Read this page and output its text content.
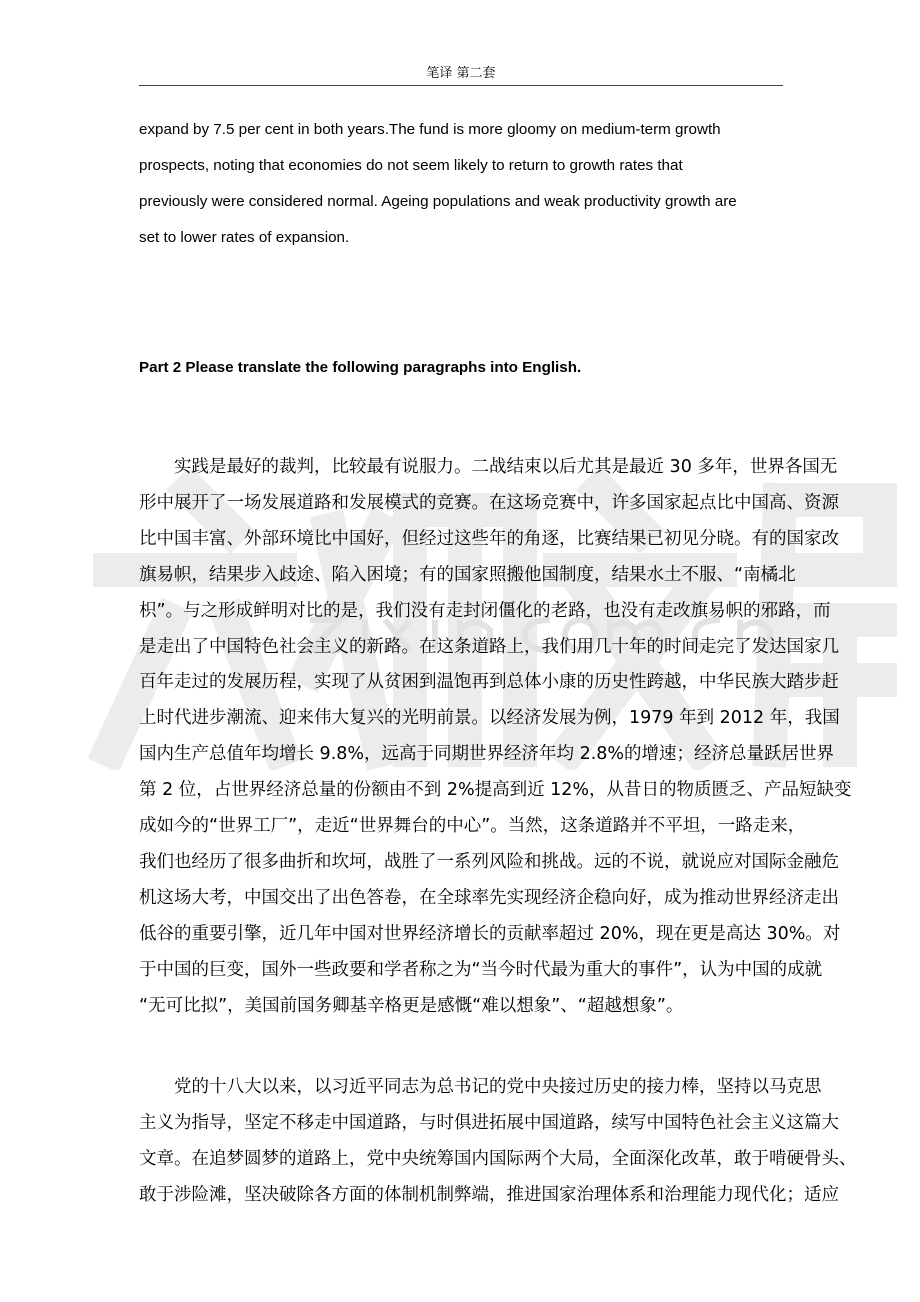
笔译 第二套
expand by 7.5 per cent in both years.The fund is more gloomy on medium-term growth
prospects, noting that economies do not seem likely to return to growth rates that
previously were considered normal. Ageing populations and weak productivity growth are
set to lower rates of expansion.
Part 2 Please translate the following paragraphs into English.
　　实践是最好的裁判，比较最有说服力。二战结束以后尤其是最近 30 多年，世界各国无
形中展开了一场发展道路和发展模式的竞赛。在这场竞赛中，许多国家起点比中国高、资源
比中国丰富、外部环境比中国好，但经过这些年的角逐，比赛结果已初见分晓。有的国家改
旗易帜，结果步入歧途、陷入困境；有的国家照搬他国制度，结果水土不服、“南橘北
枳”。与之形成鲜明对比的是，我们没有走封闭僵化的老路，也没有走改旗易帜的邪路，而
是走出了中国特色社会主义的新路。在这条道路上，我们用几十年的时间走完了发达国家几
百年走过的发展历程，实现了从贫困到温饱再到总体小康的历史性跨越，中华民族大踏步赶
上时代进步潮流、迎来伟大复兴的光明前景。以经济发展为例，1979 年到 2012 年，我国
国内生产总值年均增长 9.8%，远高于同期世界经济年均 2.8%的增速；经济总量跃居世界
第 2 位，占世界经济总量的份额由不到 2%提高到近 12%，从昔日的物质匮乏、产品短缺变
成如今的“世界工厂”，走近“世界舞台的中心”。当然，这条道路并不平坦，一路走来，
我们也经历了很多曲折和坎坷，战胜了一系列风险和挑战。远的不说，就说应对国际金融危
机这场大考，中国交出了出色答卷，在全球率先实现经济企稳向好，成为推动世界经济走出
低谷的重要引擎，近几年中国对世界经济增长的贡献率超过 20%，现在更是高达 30%。对
于中国的巨变，国外一些政要和学者称之为“当今时代最为重大的事件”，认为中国的成就
“无可比拟”，美国前国务卿基辛格更是感慨“难以想象”、“超越想象”。
　　党的十八大以来，以习近平同志为总书记的党中央接过历史的接力棒，坚持以马克思
主义为指导，坚定不移走中国道路，与时俱进拓展中国道路，续写中国特色社会主义这篇大
文章。在追梦圆梦的道路上，党中央统筹国内国际两个大局，全面深化改革，敢于啃硬骨头、
敢于涉险滩，坚决破除各方面的体制机制弊端，推进国家治理体系和治理能力现代化；适应
